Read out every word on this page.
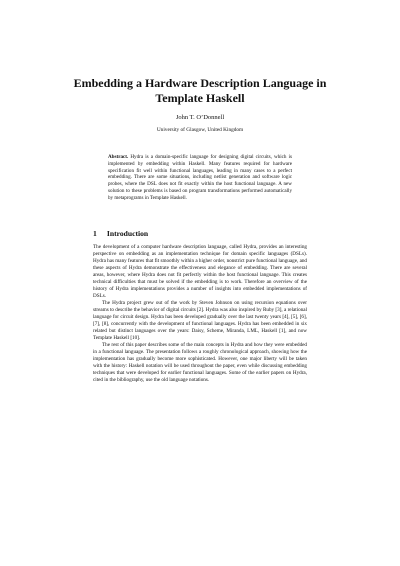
Embedding a Hardware Description Language in Template Haskell

John T. O’Donnell

University of Glasgow, United Kingdom

Abstract. Hydra is a domain-specific language for designing digital circuits, which is implemented by embedding within Haskell. Many features required for hardware specification fit well within functional languages, leading in many cases to a perfect embedding. There are some situations, including netlist generation and software logic probes, where the DSL does not fit exactly within the host functional language. A new solution to these problems is based on program transformations performed automatically by metaprograms in Template Haskell.

1 Introduction

The development of a computer hardware description language, called Hydra, provides an interesting perspective on embedding as an implementation technique for domain specific languages (DSLs). Hydra has many features that fit smoothly within a higher order, nonstrict pure functional language, and these aspects of Hydra demonstrate the effectiveness and elegance of embedding. There are several areas, however, where Hydra does not fit perfectly within the host functional language. This creates technical difficulties that must be solved if the embedding is to work. Therefore an overview of the history of Hydra implementations provides a number of insights into embedded implementations of DSLs.

The Hydra project grew out of the work by Steven Johnson on using recursion equations over streams to describe the behavior of digital circuits [2]. Hydra was also inspired by Ruby [3], a relational language for circuit design. Hydra has been developed gradually over the last twenty years [4], [5], [6], [7], [8], concurrently with the development of functional languages. Hydra has been embedded in six related but distinct languages over the years: Daisy, Scheme, Miranda, LML, Haskell [1], and now Template Haskell [10].

The rest of this paper describes some of the main concepts in Hydra and how they were embedded in a functional language. The presentation follows a roughly chronological approach, showing how the implementation has gradually become more sophisticated. However, one major liberty will be taken with the history: Haskell notation will be used throughout the paper, even while discussing embedding techniques that were developed for earlier functional languages. Some of the earlier papers on Hydra, cited in the bibliography, use the old language notations.
